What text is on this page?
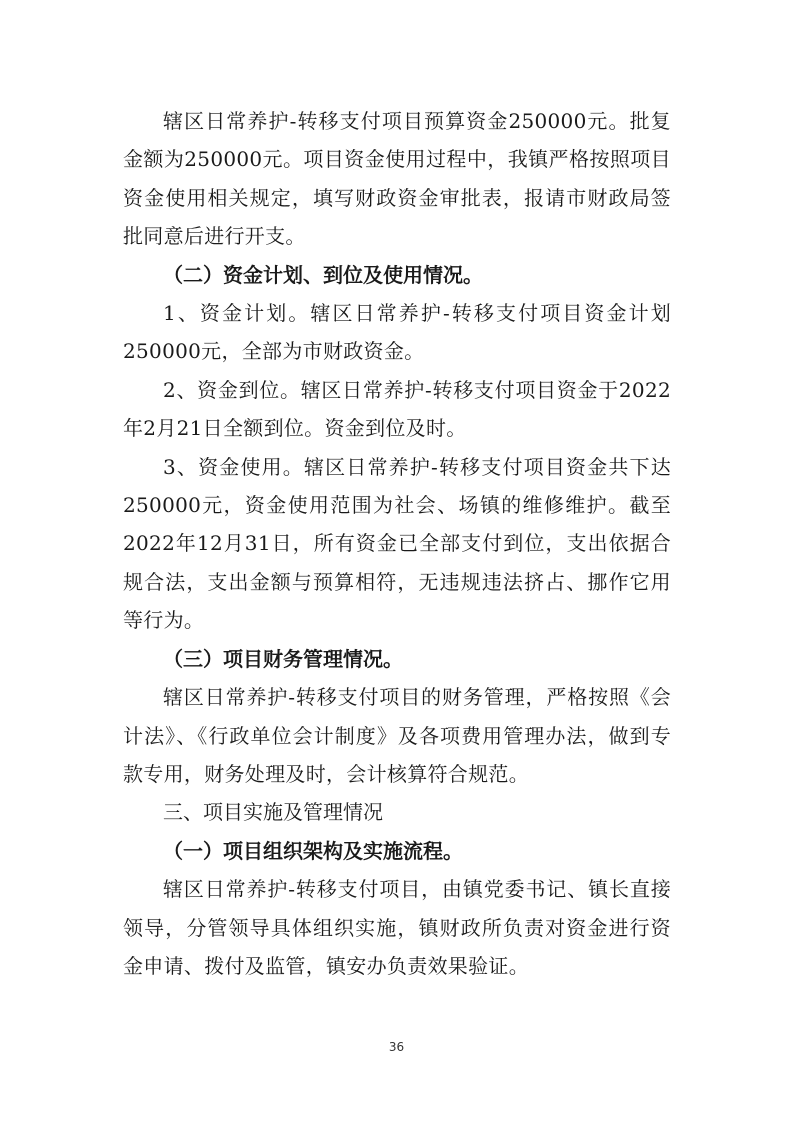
辖区日常养护-转移支付项目预算资金250000元。批复金额为250000元。项目资金使用过程中，我镇严格按照项目资金使用相关规定，填写财政资金审批表，报请市财政局签批同意后进行开支。

（二）资金计划、到位及使用情况。

1、资金计划。辖区日常养护-转移支付项目资金计划250000元，全部为市财政资金。

2、资金到位。辖区日常养护-转移支付项目资金于2022年2月21日全额到位。资金到位及时。

3、资金使用。辖区日常养护-转移支付项目资金共下达250000元，资金使用范围为社会、场镇的维修维护。截至2022年12月31日，所有资金已全部支付到位，支出依据合规合法，支出金额与预算相符，无违规违法挤占、挪作它用等行为。

（三）项目财务管理情况。

辖区日常养护-转移支付项目的财务管理，严格按照《会计法》、《行政单位会计制度》及各项费用管理办法，做到专款专用，财务处理及时，会计核算符合规范。

三、项目实施及管理情况

（一）项目组织架构及实施流程。

辖区日常养护-转移支付项目，由镇党委书记、镇长直接领导，分管领导具体组织实施，镇财政所负责对资金进行资金申请、拨付及监管，镇安办负责效果验证。

36
